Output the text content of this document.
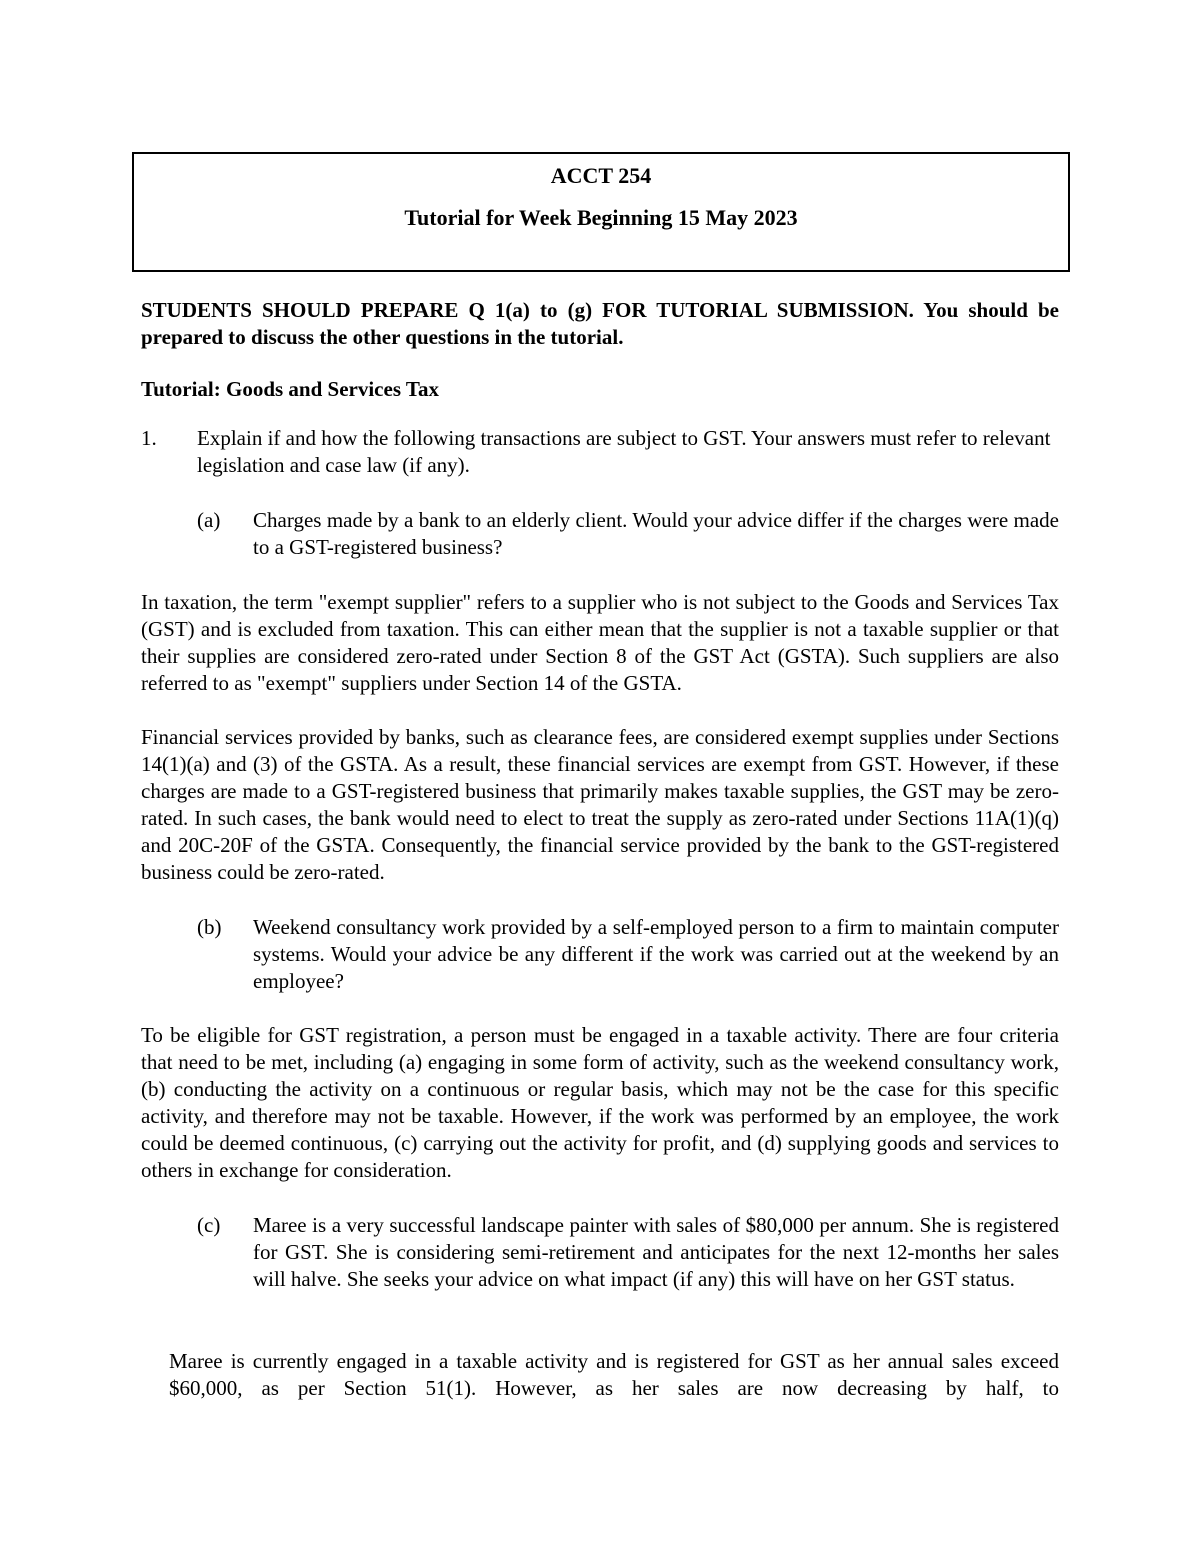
ACCT 254
Tutorial for Week Beginning 15 May 2023
STUDENTS SHOULD PREPARE Q 1(a) to (g) FOR TUTORIAL SUBMISSION. You should be prepared to discuss the other questions in the tutorial.
Tutorial: Goods and Services Tax
1. Explain if and how the following transactions are subject to GST. Your answers must refer to relevant legislation and case law (if any).
(a) Charges made by a bank to an elderly client. Would your advice differ if the charges were made to a GST-registered business?
In taxation, the term "exempt supplier" refers to a supplier who is not subject to the Goods and Services Tax (GST) and is excluded from taxation. This can either mean that the supplier is not a taxable supplier or that their supplies are considered zero-rated under Section 8 of the GST Act (GSTA). Such suppliers are also referred to as "exempt" suppliers under Section 14 of the GSTA.
Financial services provided by banks, such as clearance fees, are considered exempt supplies under Sections 14(1)(a) and (3) of the GSTA. As a result, these financial services are exempt from GST. However, if these charges are made to a GST-registered business that primarily makes taxable supplies, the GST may be zero-rated. In such cases, the bank would need to elect to treat the supply as zero-rated under Sections 11A(1)(q) and 20C-20F of the GSTA. Consequently, the financial service provided by the bank to the GST-registered business could be zero-rated.
(b) Weekend consultancy work provided by a self-employed person to a firm to maintain computer systems. Would your advice be any different if the work was carried out at the weekend by an employee?
To be eligible for GST registration, a person must be engaged in a taxable activity. There are four criteria that need to be met, including (a) engaging in some form of activity, such as the weekend consultancy work, (b) conducting the activity on a continuous or regular basis, which may not be the case for this specific activity, and therefore may not be taxable. However, if the work was performed by an employee, the work could be deemed continuous, (c) carrying out the activity for profit, and (d) supplying goods and services to others in exchange for consideration.
(c) Maree is a very successful landscape painter with sales of $80,000 per annum. She is registered for GST. She is considering semi-retirement and anticipates for the next 12-months her sales will halve. She seeks your advice on what impact (if any) this will have on her GST status.
Maree is currently engaged in a taxable activity and is registered for GST as her annual sales exceed $60,000, as per Section 51(1). However, as her sales are now decreasing by half, to
